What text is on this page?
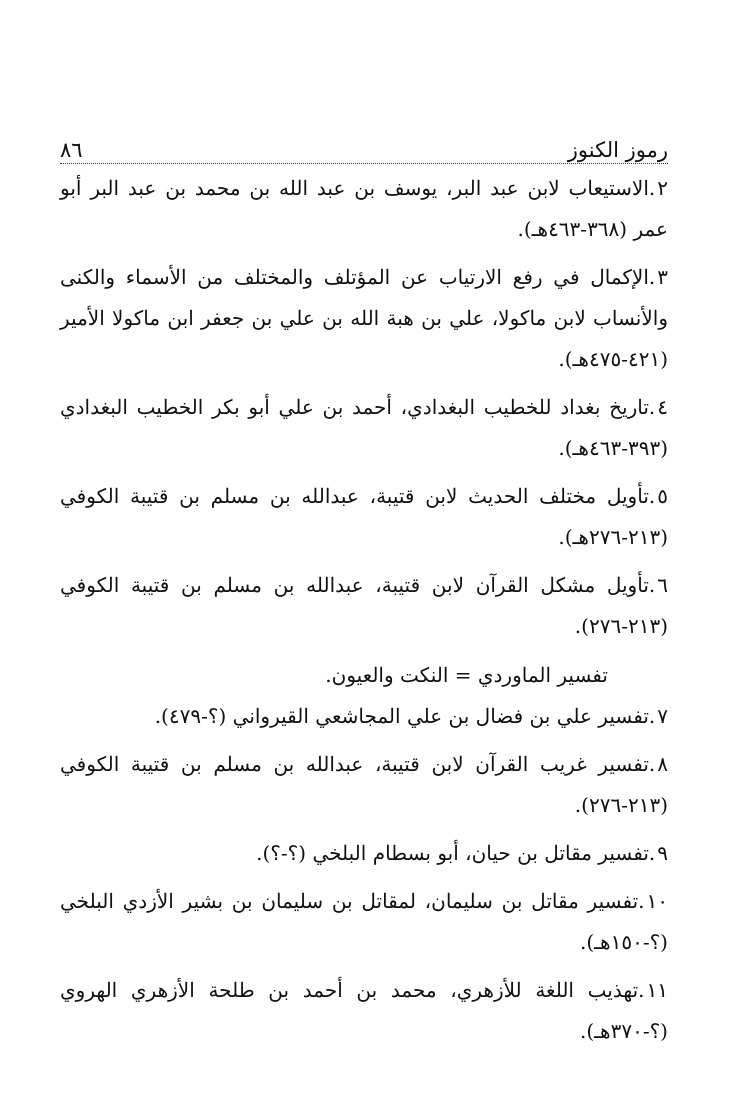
رموز الكنوز
٨٦

٢.الاستيعاب لابن عبد البر، يوسف بن عبد الله بن محمد بن عبد البر أبو عمر (٣٦٨-٤٦٣هـ).

٣.الإكمال في رفع الارتياب عن المؤتلف والمختلف من الأسماء والكنى والأنساب لابن ماكولا، علي بن هبة الله بن علي بن جعفر ابن ماكولا الأمير (٤٢١-٤٧٥هـ).

٤.تاريخ بغداد للخطيب البغدادي، أحمد بن علي أبو بكر الخطيب البغدادي (٣٩٣-٤٦٣هـ).

٥.تأويل مختلف الحديث لابن قتيبة، عبدالله بن مسلم بن قتيبة الكوفي (٢١٣-٢٧٦هـ).

٦.تأويل مشكل القرآن لابن قتيبة، عبدالله بن مسلم بن قتيبة الكوفي (٢١٣-٢٧٦).

تفسير الماوردي = النكت والعيون.

٧.تفسير علي بن فضال بن علي المجاشعي القيرواني (؟-٤٧٩).

٨.تفسير غريب القرآن لابن قتيبة، عبدالله بن مسلم بن قتيبة الكوفي (٢١٣-٢٧٦).

٩.تفسير مقاتل بن حيان، أبو بسطام البلخي (؟-؟).

١٠.تفسير مقاتل بن سليمان، لمقاتل بن سليمان بن بشير الأزدي البلخي (؟-١٥٠هـ).

١١.تهذيب اللغة للأزهري، محمد بن أحمد بن طلحة الأزهري الهروي (؟-٣٧٠هـ).
